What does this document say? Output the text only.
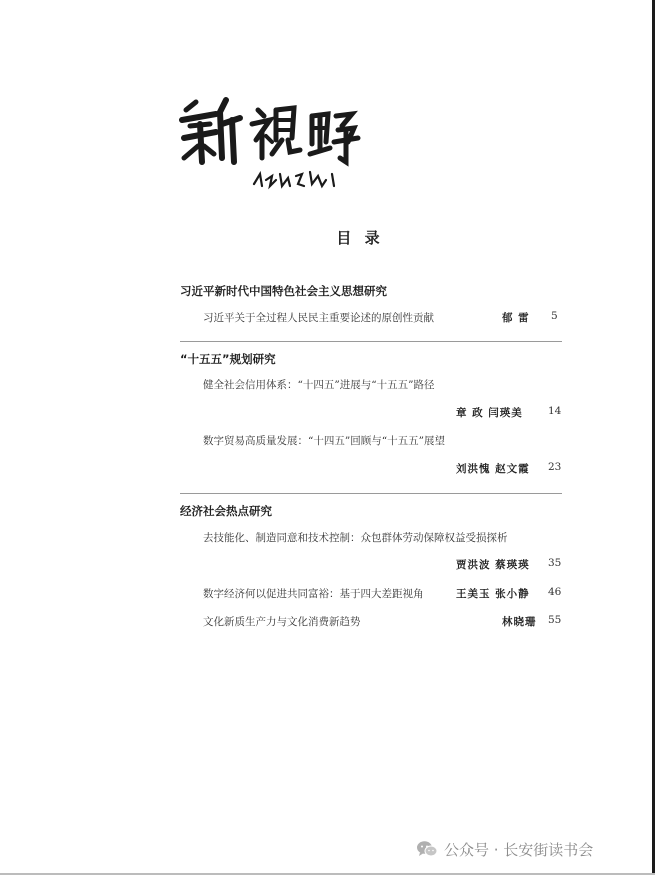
目 录
习近平新时代中国特色社会主义思想研究
习近平关于全过程人民民主重要论述的原创性贡献	郁 雷 5
“十五五”规划研究
健全社会信用体系：“十四五”进展与“十五五”路径
章 政 闫瑛美 14
数字贸易高质量发展：“十四五”回顾与“十五五”展望
刘洪愧 赵文霞 23
经济社会热点研究
去技能化、制造同意和技术控制：众包群体劳动保障权益受损探析
贾洪波 蔡瑛瑛 35
数字经济何以促进共同富裕：基于四大差距视角	王美玉 张小静 46
文化新质生产力与文化消费新趋势	林晓珊 55
公众号 · 长安街读书会
